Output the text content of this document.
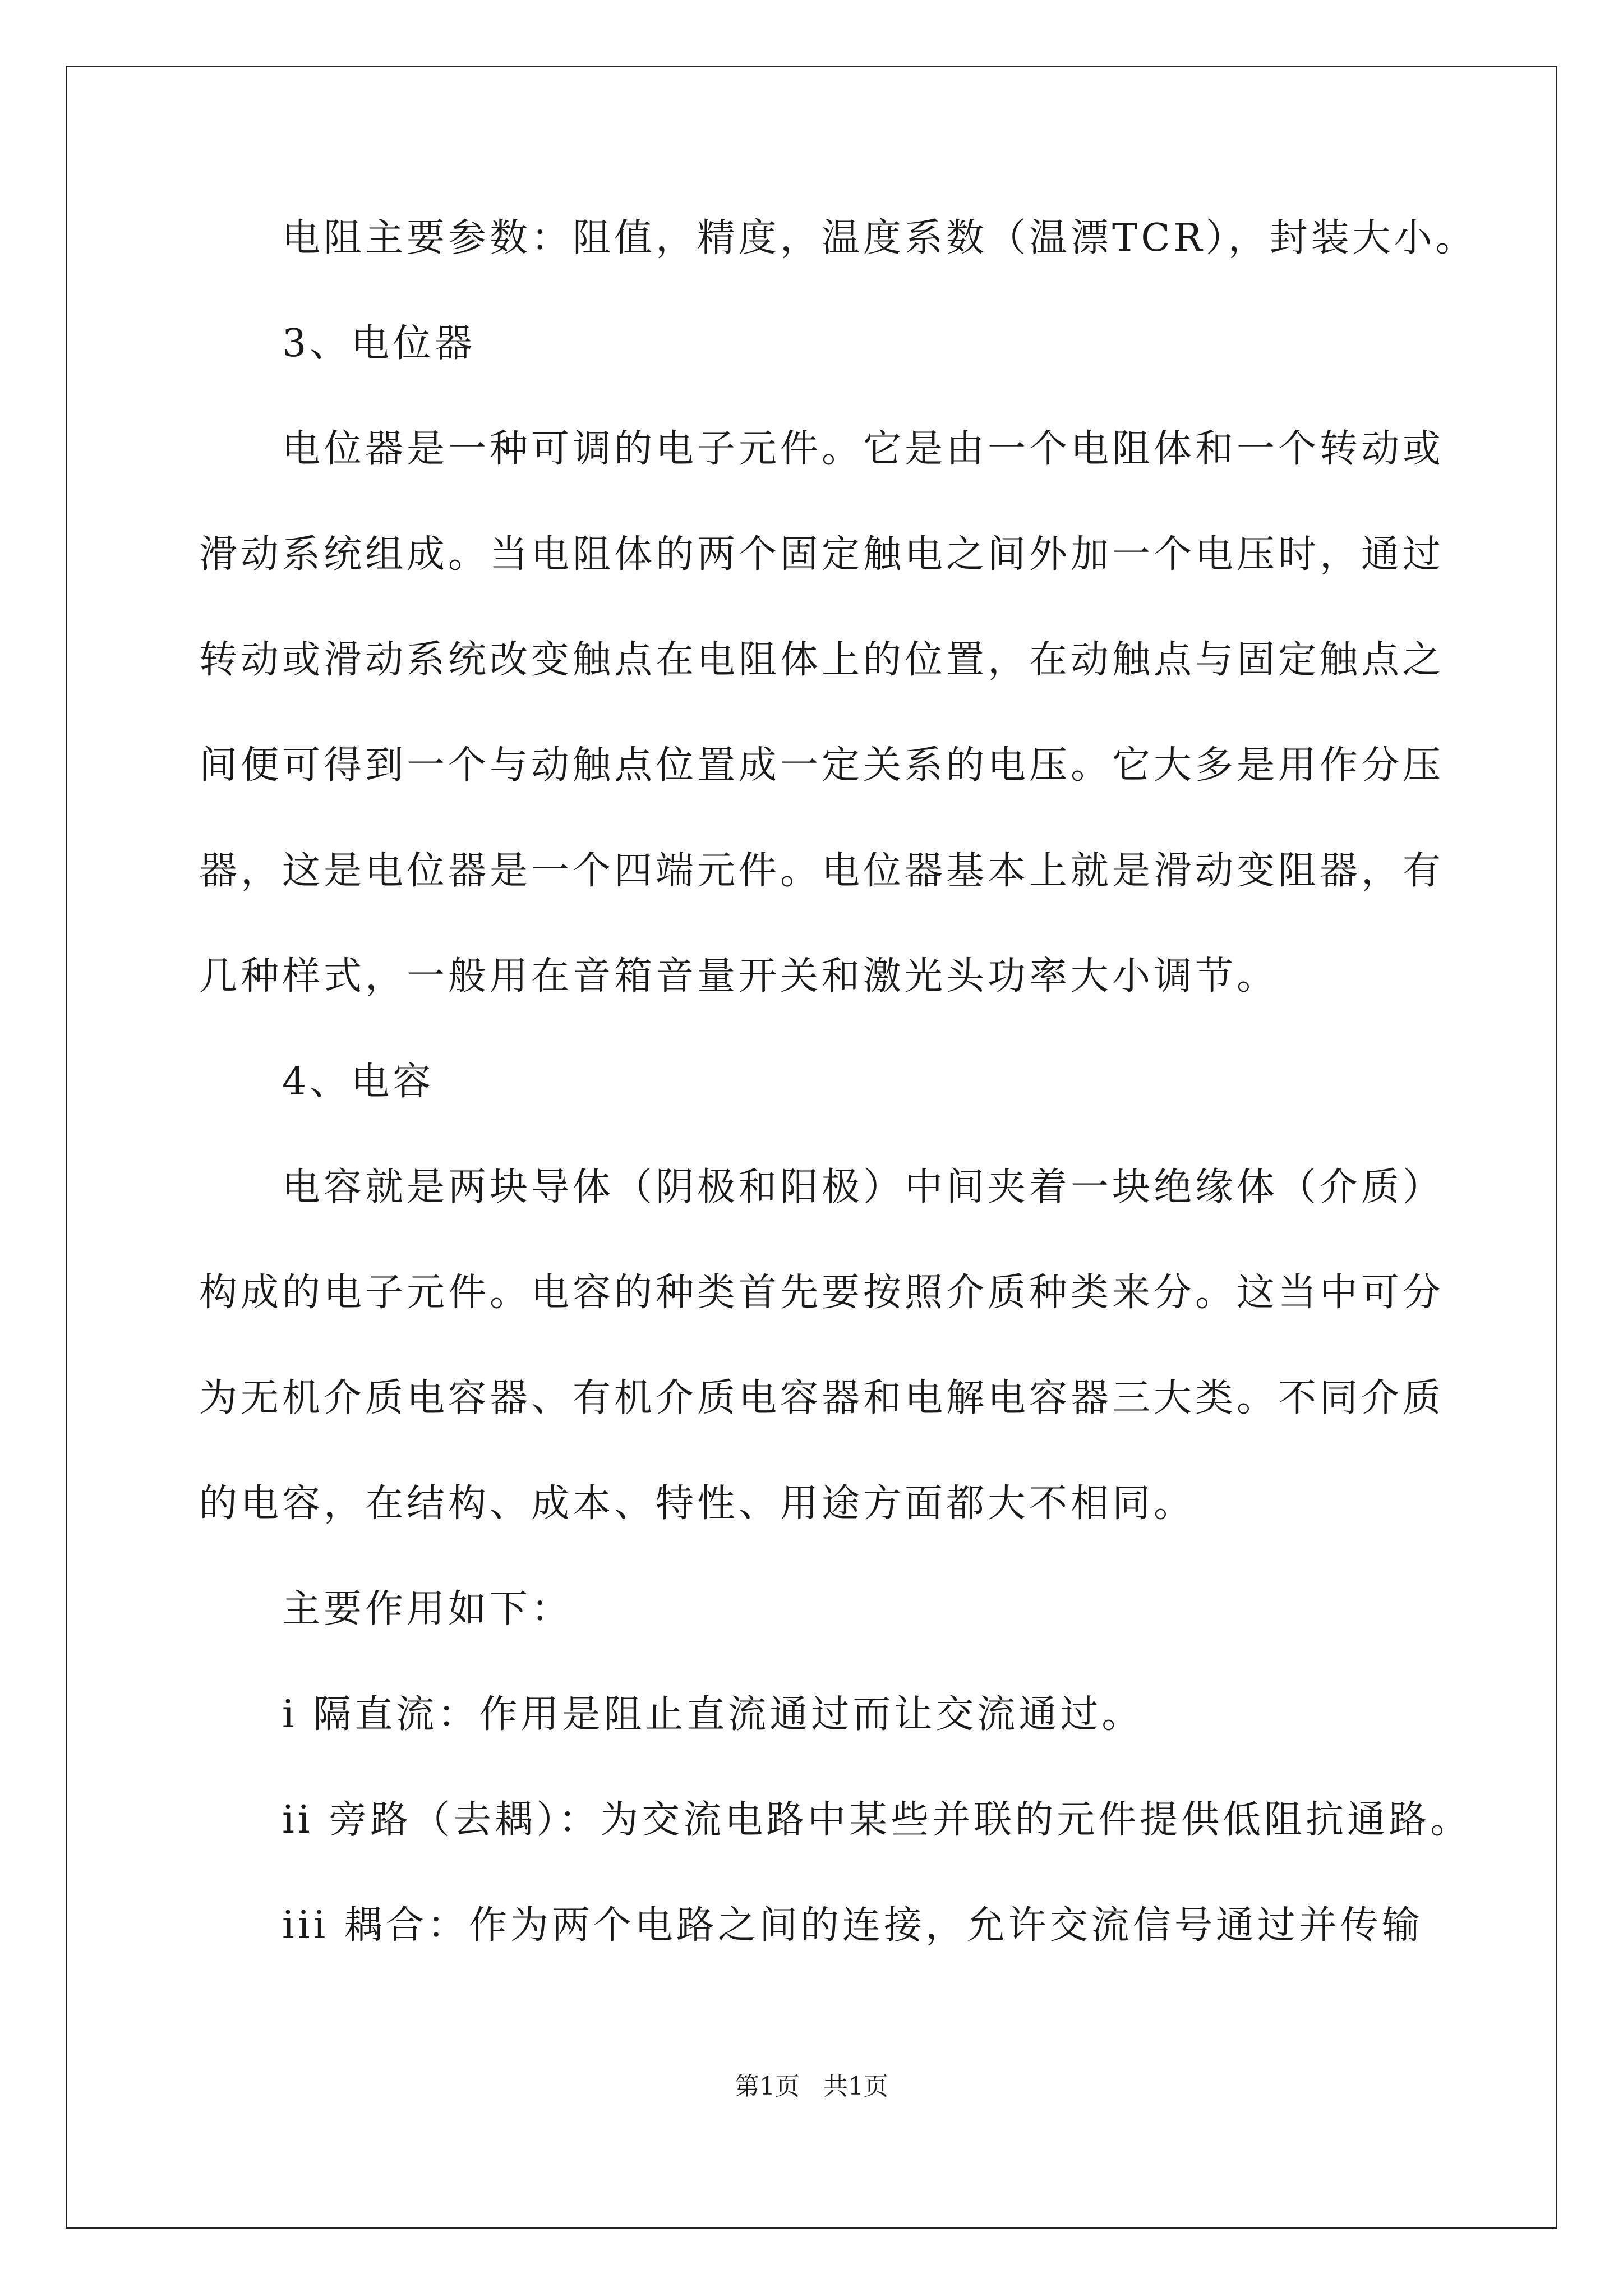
电阻主要参数：阻值，精度，温度系数（温漂TCR），封装大小。
3、电位器
电位器是一种可调的电子元件。它是由一个电阻体和一个转动或
滑动系统组成。当电阻体的两个固定触电之间外加一个电压时，通过
转动或滑动系统改变触点在电阻体上的位置，在动触点与固定触点之
间便可得到一个与动触点位置成一定关系的电压。它大多是用作分压
器，这是电位器是一个四端元件。电位器基本上就是滑动变阻器，有
几种样式，一般用在音箱音量开关和激光头功率大小调节。
4、电容
电容就是两块导体（阴极和阳极）中间夹着一块绝缘体（介质）
构成的电子元件。电容的种类首先要按照介质种类来分。这当中可分
为无机介质电容器、有机介质电容器和电解电容器三大类。不同介质
的电容，在结构、成本、特性、用途方面都大不相同。
主要作用如下：
i 隔直流：作用是阻止直流通过而让交流通过。
ii 旁路（去耦）：为交流电路中某些并联的元件提供低阻抗通路。
iii 耦合：作为两个电路之间的连接，允许交流信号通过并传输
第1页   共1页
